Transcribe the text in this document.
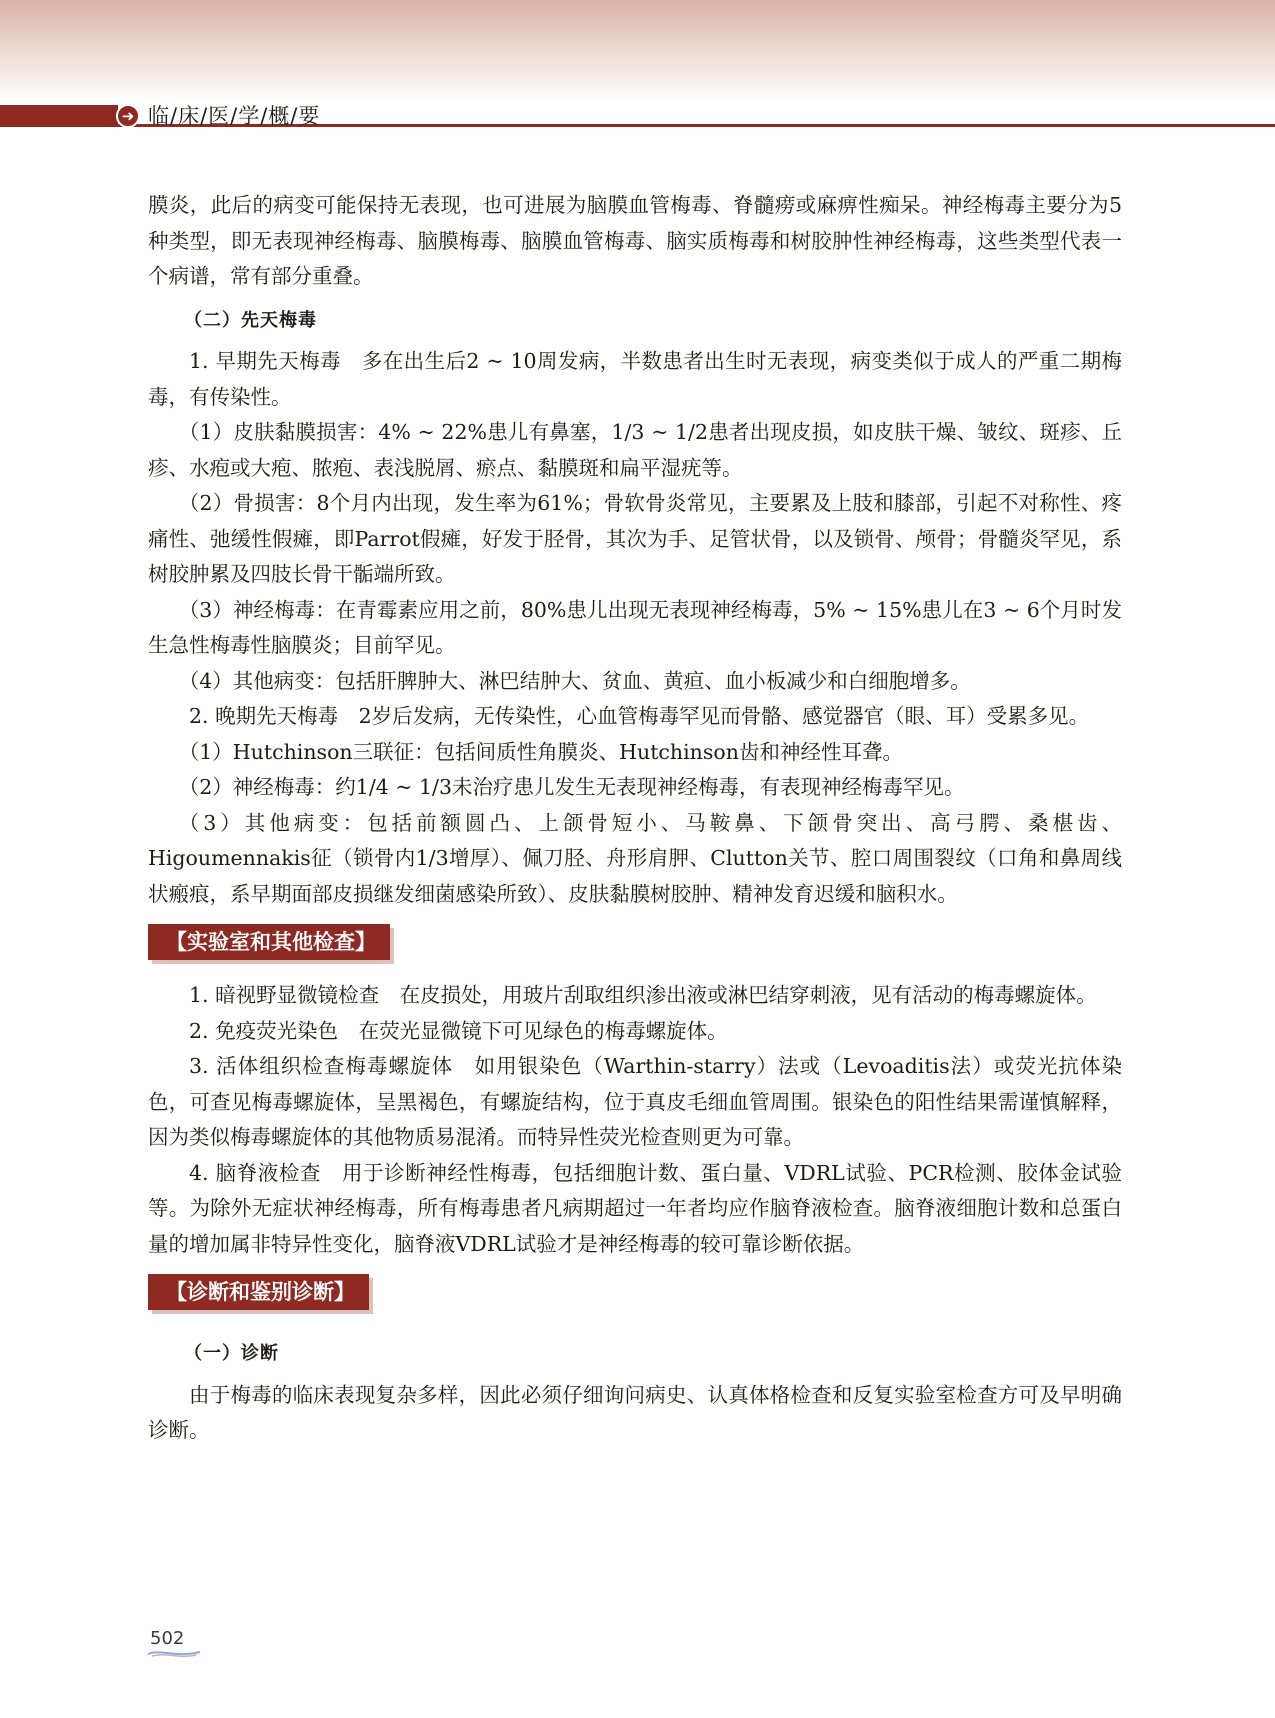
➜ 临/床/医/学/概/要

膜炎，此后的病变可能保持无表现，也可进展为脑膜血管梅毒、脊髓痨或麻痹性痴呆。神经梅毒主要分为5种类型，即无表现神经梅毒、脑膜梅毒、脑膜血管梅毒、脑实质梅毒和树胶肿性神经梅毒，这些类型代表一个病谱，常有部分重叠。

（二）先天梅毒

1. 早期先天梅毒　多在出生后2 ~ 10周发病，半数患者出生时无表现，病变类似于成人的严重二期梅毒，有传染性。

（1）皮肤黏膜损害：4% ~ 22%患儿有鼻塞，1/3 ~ 1/2患者出现皮损，如皮肤干燥、皱纹、斑疹、丘疹、水疱或大疱、脓疱、表浅脱屑、瘀点、黏膜斑和扁平湿疣等。

（2）骨损害：8个月内出现，发生率为61%；骨软骨炎常见，主要累及上肢和膝部，引起不对称性、疼痛性、弛缓性假瘫，即Parrot假瘫，好发于胫骨，其次为手、足管状骨，以及锁骨、颅骨；骨髓炎罕见，系树胶肿累及四肢长骨干骺端所致。

（3）神经梅毒：在青霉素应用之前，80%患儿出现无表现神经梅毒，5% ~ 15%患儿在3 ~ 6个月时发生急性梅毒性脑膜炎；目前罕见。

（4）其他病变：包括肝脾肿大、淋巴结肿大、贫血、黄疸、血小板减少和白细胞增多。

2. 晚期先天梅毒　2岁后发病，无传染性，心血管梅毒罕见而骨骼、感觉器官（眼、耳）受累多见。

（1）Hutchinson三联征：包括间质性角膜炎、Hutchinson齿和神经性耳聋。

（2）神经梅毒：约1/4 ~ 1/3未治疗患儿发生无表现神经梅毒，有表现神经梅毒罕见。

（3）其他病变：包括前额圆凸、上颌骨短小、马鞍鼻、下颌骨突出、高弓腭、桑椹齿、Higoumennakis征（锁骨内1/3增厚）、佩刀胫、舟形肩胛、Clutton关节、腔口周围裂纹（口角和鼻周线状瘢痕，系早期面部皮损继发细菌感染所致）、皮肤黏膜树胶肿、精神发育迟缓和脑积水。

【实验室和其他检查】

1. 暗视野显微镜检查　在皮损处，用玻片刮取组织渗出液或淋巴结穿刺液，见有活动的梅毒螺旋体。

2. 免疫荧光染色　在荧光显微镜下可见绿色的梅毒螺旋体。

3. 活体组织检查梅毒螺旋体　如用银染色（Warthin-starry）法或（Levoaditis法）或荧光抗体染色，可查见梅毒螺旋体，呈黑褐色，有螺旋结构，位于真皮毛细血管周围。银染色的阳性结果需谨慎解释，因为类似梅毒螺旋体的其他物质易混淆。而特异性荧光检查则更为可靠。

4. 脑脊液检查　用于诊断神经性梅毒，包括细胞计数、蛋白量、VDRL试验、PCR检测、胶体金试验等。为除外无症状神经梅毒，所有梅毒患者凡病期超过一年者均应作脑脊液检查。脑脊液细胞计数和总蛋白量的增加属非特异性变化，脑脊液VDRL试验才是神经梅毒的较可靠诊断依据。

【诊断和鉴别诊断】

（一）诊断

由于梅毒的临床表现复杂多样，因此必须仔细询问病史、认真体格检查和反复实验室检查方可及早明确诊断。

502
